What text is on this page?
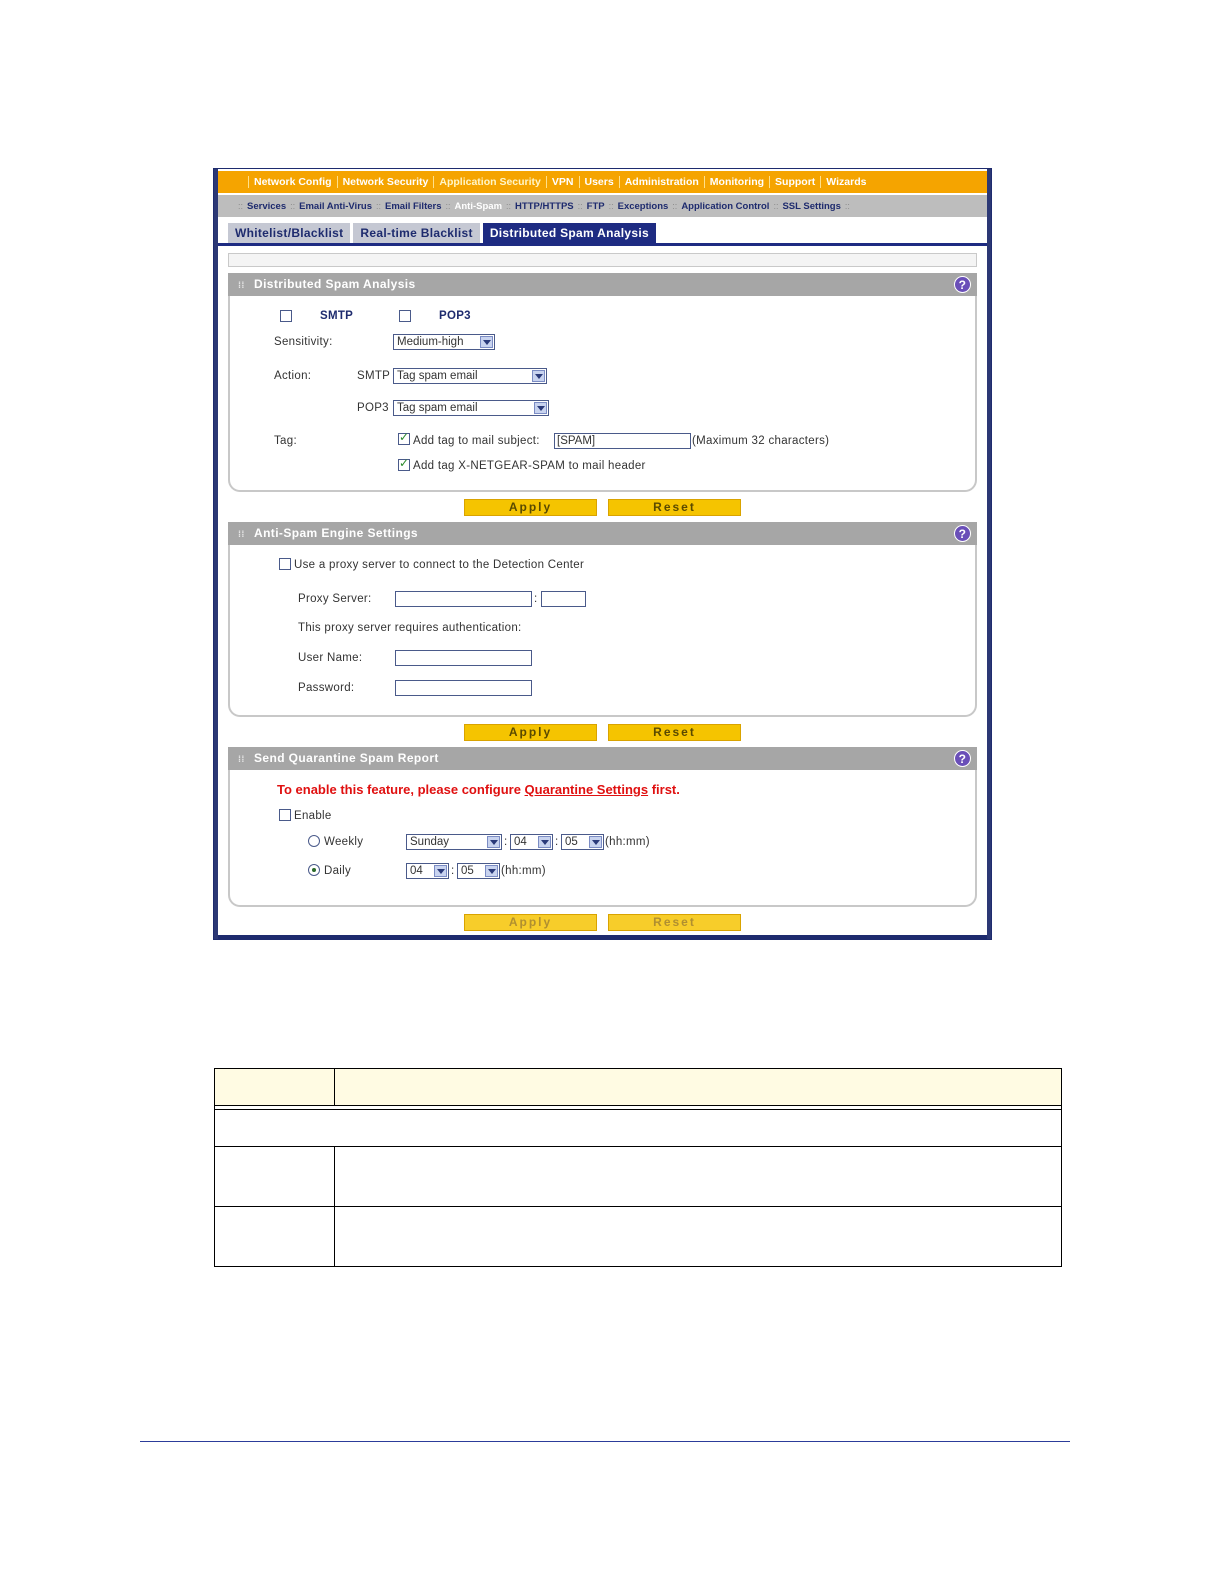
Network Config	Network Security	Application Security	VPN	Users	Administration	Monitoring	Support	Wizards
:: Services :: Email Anti-Virus :: Email Filters :: Anti-Spam :: HTTP/HTTPS :: FTP :: Exceptions :: Application Control :: SSL Settings ::
Whitelist/Blacklist	Real-time Blacklist	Distributed Spam Analysis
⁞⁞ Distributed Spam Analysis	?
SMTP	POP3
Sensitivity:	Medium-high
Action:	SMTP Tag spam email
POP3 Tag spam email
Tag:
✓	Add tag to mail subject: [SPAM]	(Maximum 32 characters)
✓
Add tag X-NETGEAR-SPAM to mail header
Apply	Reset
⁞⁞ Anti-Spam Engine Settings	?
Use a proxy server to connect to the Detection Center
Proxy Server:	:
This proxy server requires authentication:
User Name:
Password:
Apply	Reset
⁞⁞ Send Quarantine Spam Report	?
To enable this feature, please configure Quarantine Settings first.
Enable
Weekly	Sunday	: 04	: 05	(hh:mm)
Daily	04	: 05	(hh:mm)
Apply	Reset
